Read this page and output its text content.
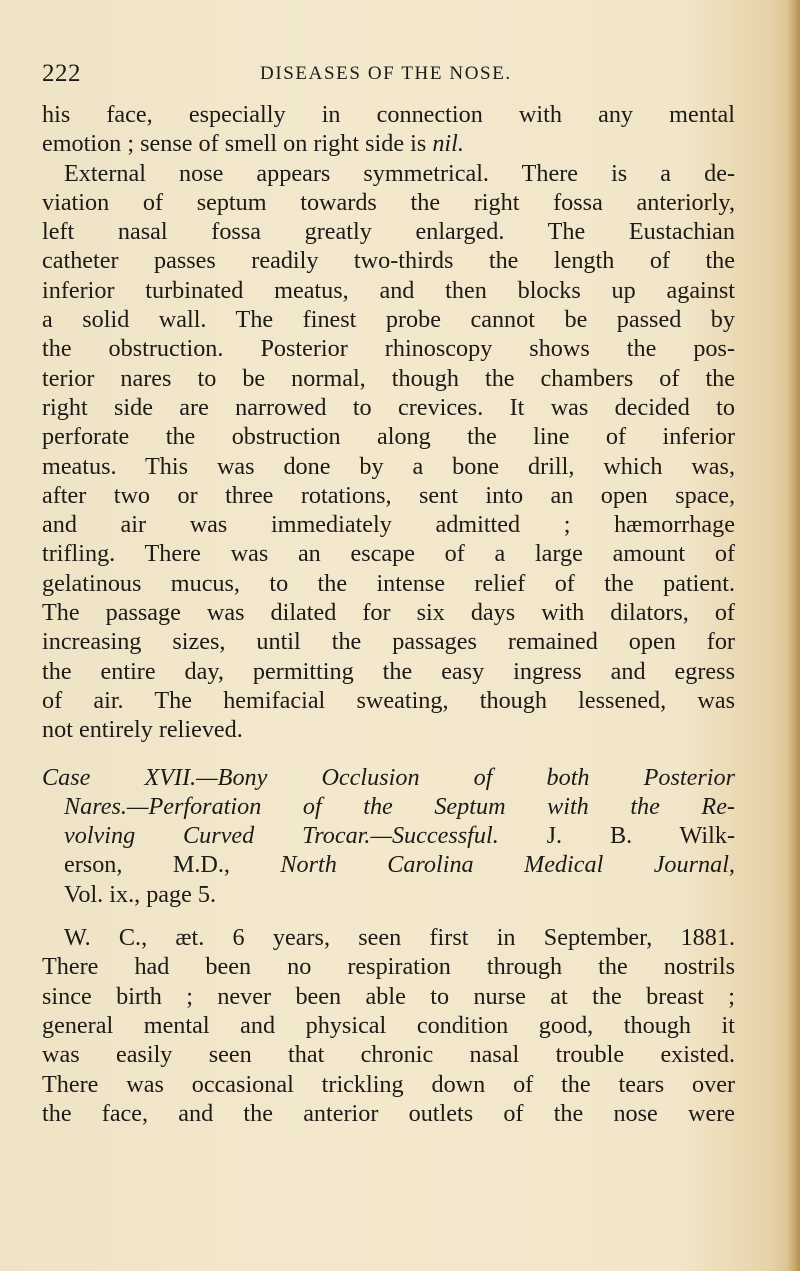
222	DISEASES OF THE NOSE.
his face, especially in connection with any mental
emotion ; sense of smell on right side is nil.
External nose appears symmetrical. There is a de-
viation of septum towards the right fossa anteriorly,
left nasal fossa greatly enlarged. The Eustachian
catheter passes readily two-thirds the length of the
inferior turbinated meatus, and then blocks up against
a solid wall. The finest probe cannot be passed by
the obstruction. Posterior rhinoscopy shows the pos-
terior nares to be normal, though the chambers of the
right side are narrowed to crevices. It was decided to
perforate the obstruction along the line of inferior
meatus. This was done by a bone drill, which was,
after two or three rotations, sent into an open space,
and air was immediately admitted ; hæmorrhage
trifling. There was an escape of a large amount of
gelatinous mucus, to the intense relief of the patient.
The passage was dilated for six days with dilators, of
increasing sizes, until the passages remained open for
the entire day, permitting the easy ingress and egress
of air. The hemifacial sweating, though lessened, was
not entirely relieved.
Case XVII.—Bony Occlusion of both Posterior
Nares.—Perforation of the Septum with the Re-
volving Curved Trocar.—Successful. J. B. Wilk-
erson, M.D., North Carolina Medical Journal,
Vol. ix., page 5.
W. C., æt. 6 years, seen first in September, 1881.
There had been no respiration through the nostrils
since birth ; never been able to nurse at the breast ;
general mental and physical condition good, though it
was easily seen that chronic nasal trouble existed.
There was occasional trickling down of the tears over
the face, and the anterior outlets of the nose were
